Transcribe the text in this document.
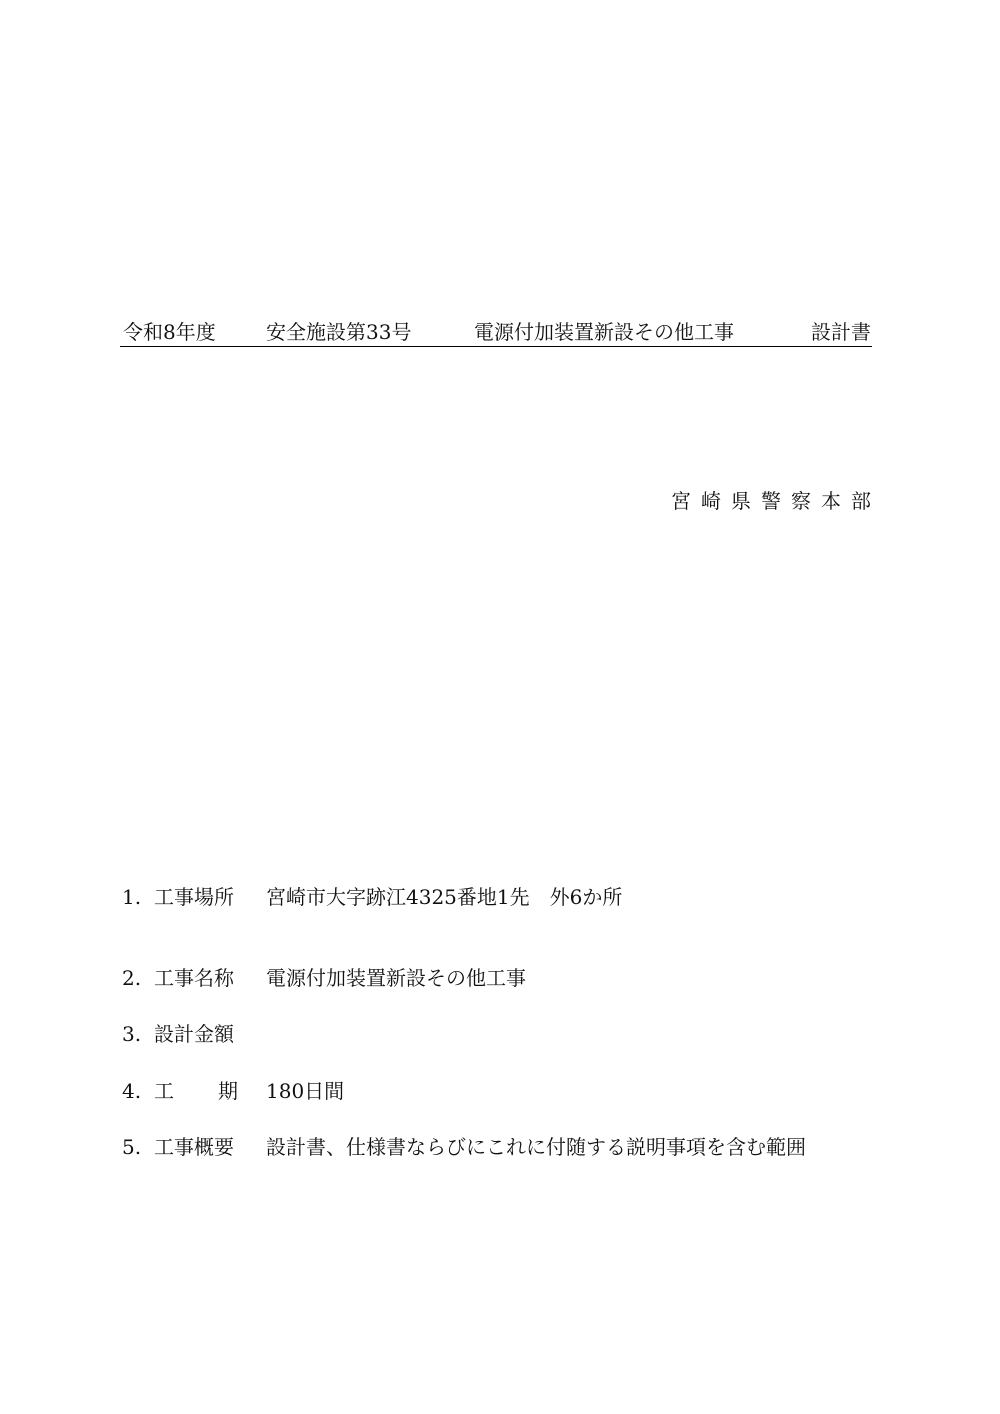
令和8年度	安全施設第33号	電源付加装置新設その他工事	設計書
宮崎県警察本部
1. 工事場所 宮崎市大字跡江4325番地1先　外6か所
2. 工事名称 電源付加装置新設その他工事
3. 設計金額
4. 工 期 180日間
5. 工事概要 設計書、仕様書ならびにこれに付随する説明事項を含む範囲
